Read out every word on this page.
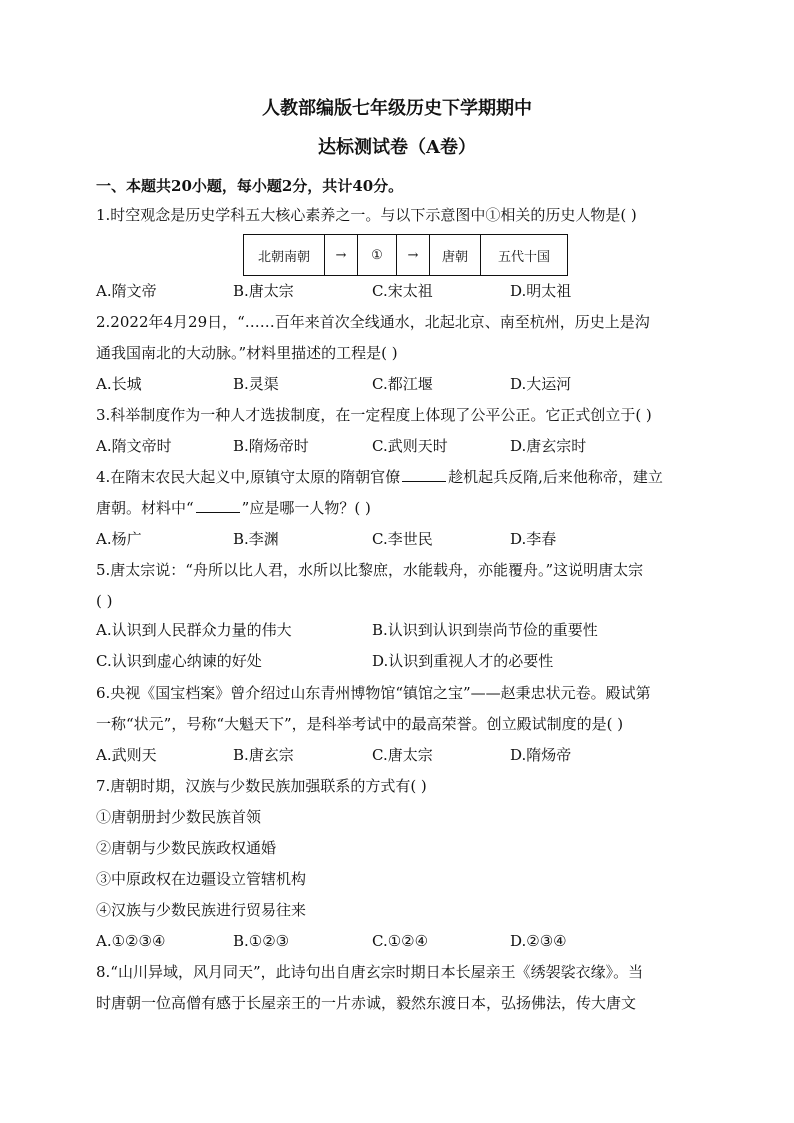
人教部编版七年级历史下学期期中
达标测试卷（A卷）
一、本题共20小题，每小题2分，共计40分。
1.时空观念是历史学科五大核心素养之一。与以下示意图中①相关的历史人物是( )
北朝南朝	→	①	→	唐朝	五代十国
A.隋文帝	B.唐太宗	C.宋太祖	D.明太祖
2.2022年4月29日，“……百年来首次全线通水，北起北京、南至杭州，历史上是沟
通我国南北的大动脉。”材料里描述的工程是( )
A.长城	B.灵渠	C.都江堰	D.大运河
3.科举制度作为一种人才选拔制度，在一定程度上体现了公平公正。它正式创立于( )
A.隋文帝时	B.隋炀帝时	C.武则天时	D.唐玄宗时
4.在隋末农民大起义中,原镇守太原的隋朝官僚	趁机起兵反隋,后来他称帝，建立
唐朝。材料中“	”应是哪一人物？( )
A.杨广	B.李渊	C.李世民	D.李春
5.唐太宗说：“舟所以比人君，水所以比黎庶，水能载舟，亦能覆舟。”这说明唐太宗
( )
A.认识到人民群众力量的伟大	B.认识到认识到崇尚节俭的重要性
C.认识到虚心纳谏的好处	D.认识到重视人才的必要性
6.央视《国宝档案》曾介绍过山东青州博物馆“镇馆之宝”——赵秉忠状元卷。殿试第
一称“状元”，号称“大魁天下”，是科举考试中的最高荣誉。创立殿试制度的是( )
A.武则天	B.唐玄宗	C.唐太宗	D.隋炀帝
7.唐朝时期，汉族与少数民族加强联系的方式有( )
①唐朝册封少数民族首领
②唐朝与少数民族政权通婚
③中原政权在边疆设立管辖机构
④汉族与少数民族进行贸易往来
A.①②③④	B.①②③	C.①②④	D.②③④
8.“山川异域，风月同天”，此诗句出自唐玄宗时期日本长屋亲王《绣袈裟衣缘》。当
时唐朝一位高僧有感于长屋亲王的一片赤诚，毅然东渡日本，弘扬佛法，传大唐文
